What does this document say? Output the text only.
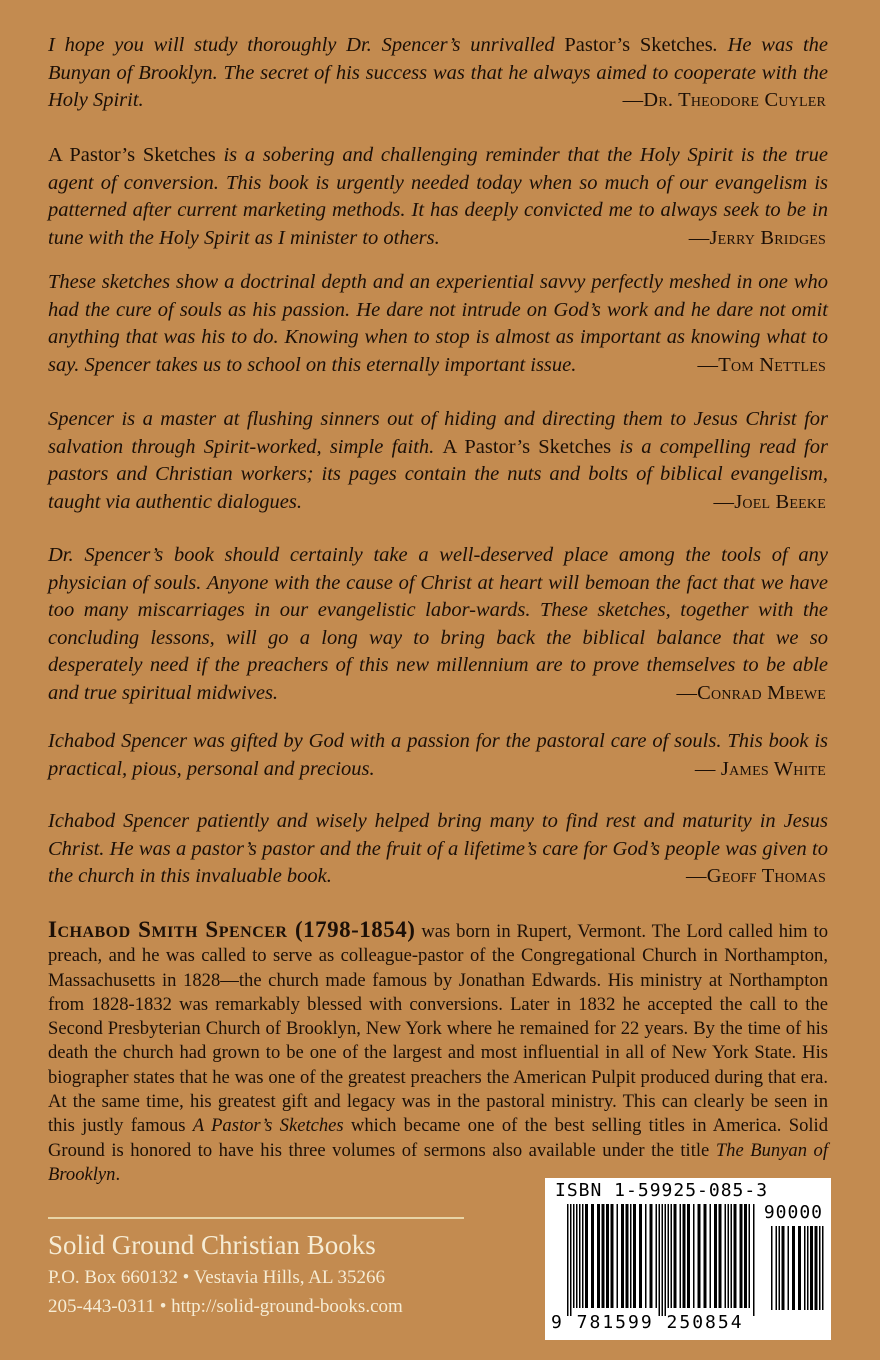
I hope you will study thoroughly Dr. Spencer’s unrivalled Pastor’s Sketches. He was the Bunyan of Brooklyn. The secret of his success was that he always aimed to cooperate with the Holy Spirit.	—Dr. Theodore Cuyler
A Pastor’s Sketches is a sobering and challenging reminder that the Holy Spirit is the true agent of conversion. This book is urgently needed today when so much of our evangelism is patterned after current marketing methods. It has deeply convicted me to always seek to be in tune with the Holy Spirit as I minister to others.	—Jerry Bridges
These sketches show a doctrinal depth and an experiential savvy perfectly meshed in one who had the cure of souls as his passion. He dare not intrude on God’s work and he dare not omit anything that was his to do. Knowing when to stop is almost as important as knowing what to say. Spencer takes us to school on this eternally important issue.	—Tom Nettles
Spencer is a master at flushing sinners out of hiding and directing them to Jesus Christ for salvation through Spirit-worked, simple faith. A Pastor’s Sketches is a compelling read for pastors and Christian workers; its pages contain the nuts and bolts of biblical evangelism, taught via authentic dialogues.	—Joel Beeke
Dr. Spencer’s book should certainly take a well-deserved place among the tools of any physician of souls. Anyone with the cause of Christ at heart will bemoan the fact that we have too many miscarriages in our evangelistic labor-wards. These sketches, together with the concluding lessons, will go a long way to bring back the biblical balance that we so desperately need if the preachers of this new millennium are to prove themselves to be able and true spiritual midwives.	—Conrad Mbewe
Ichabod Spencer was gifted by God with a passion for the pastoral care of souls. This book is practical, pious, personal and precious.	— James White
Ichabod Spencer patiently and wisely helped bring many to find rest and maturity in Jesus Christ. He was a pastor’s pastor and the fruit of a lifetime’s care for God’s people was given to the church in this invaluable book.	—Geoff Thomas
Ichabod Smith Spencer (1798-1854) was born in Rupert, Vermont. The Lord called him to preach, and he was called to serve as colleague-pastor of the Congregational Church in Northampton, Massachusetts in 1828—the church made famous by Jonathan Edwards. His ministry at Northampton from 1828-1832 was remarkably blessed with conversions. Later in 1832 he accepted the call to the Second Presbyterian Church of Brooklyn, New York where he remained for 22 years. By the time of his death the church had grown to be one of the largest and most influential in all of New York State. His biographer states that he was one of the greatest preachers the American Pulpit produced during that era. At the same time, his greatest gift and legacy was in the pastoral ministry. This can clearly be seen in this justly famous A Pastor’s Sketches which became one of the best selling titles in America. Solid Ground is honored to have his three volumes of sermons also available under the title The Bunyan of Brooklyn.
Solid Ground Christian Books
P.O. Box 660132 • Vestavia Hills, AL 35266
205-443-0311 • http://solid-ground-books.com
ISBN 1-59925-085-3
90000
9 781599 250854
